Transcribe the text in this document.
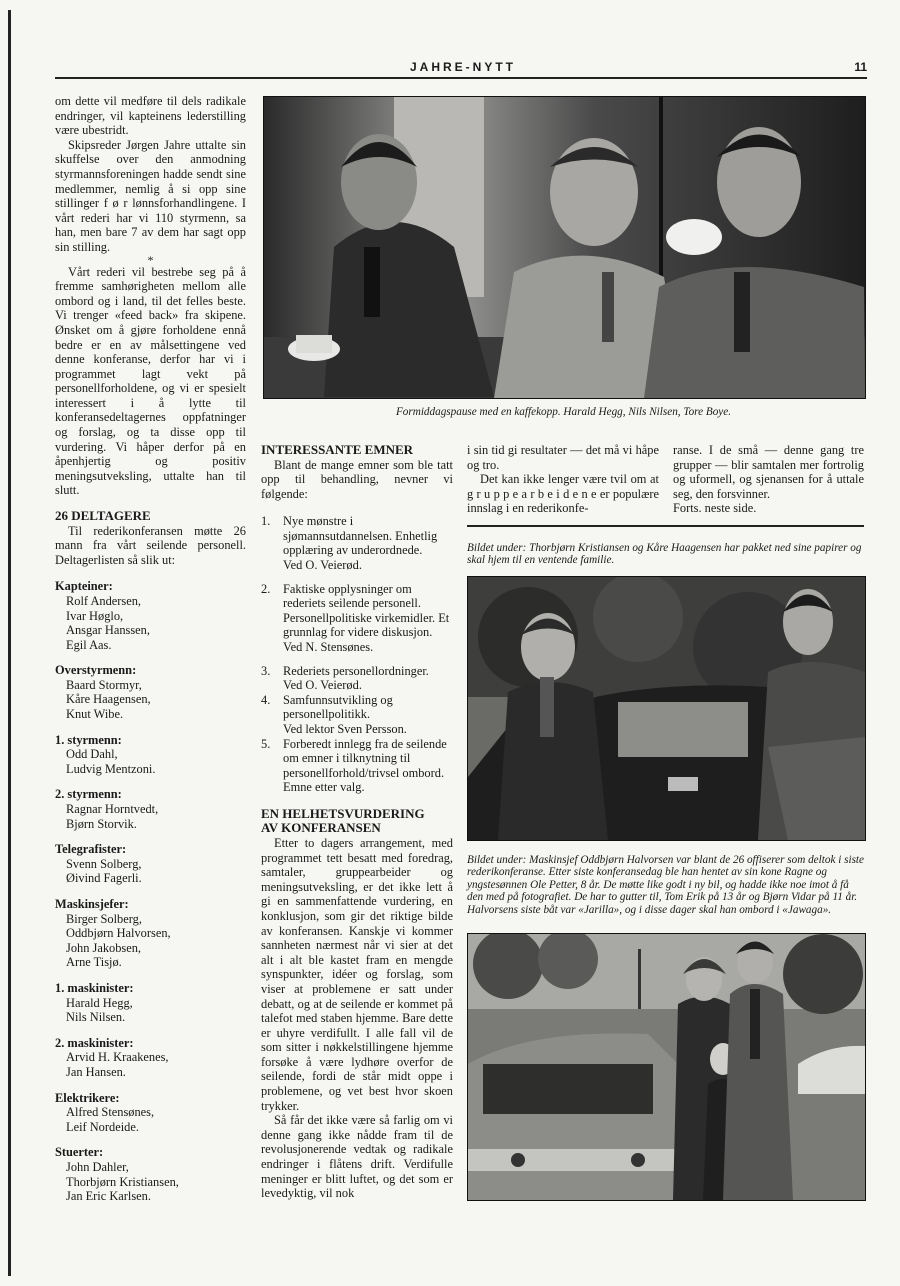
JAHRE-NYTT	11

om dette vil medføre til dels radikale endringer, vil kapteinens lederstilling være ubestridt.

Skipsreder Jørgen Jahre uttalte sin skuffelse over den anmodning styrmannsforeningen hadde sendt sine medlemmer, nemlig å si opp sine stillinger f ø r lønnsforhandlingene. I vårt rederi har vi 110 styrmenn, sa han, men bare 7 av dem har sagt opp sin stilling.

*

Vårt rederi vil bestrebe seg på å fremme samhørigheten mellom alle ombord og i land, til det felles beste. Vi trenger «feed back» fra skipene. Ønsket om å gjøre forholdene ennå bedre er en av målsettingene ved denne konferanse, derfor har vi i programmet lagt vekt på personellforholdene, og vi er spesielt interessert i å lytte til konferansedeltagernes oppfatninger og forslag, og ta disse opp til vurdering. Vi håper derfor på en åpenhjertig og positiv meningsutveksling, uttalte han til slutt.

26 DELTAGERE

Til rederikonferansen møtte 26 mann fra vårt seilende personell. Deltagerlisten så slik ut:

Kapteiner:
Rolf Andersen,
Ivar Høglo,
Ansgar Hanssen,
Egil Aas.
Overstyrmenn:
Baard Stormyr,
Kåre Haagensen,
Knut Wibe.
1. styrmenn:
Odd Dahl,
Ludvig Mentzoni.
2. styrmenn:
Ragnar Horntvedt,
Bjørn Storvik.
Telegrafister:
Svenn Solberg,
Øivind Fagerli.
Maskinsjefer:
Birger Solberg,
Oddbjørn Halvorsen,
John Jakobsen,
Arne Tisjø.
1. maskinister:
Harald Hegg,
Nils Nilsen.
2. maskinister:
Arvid H. Kraakenes,
Jan Hansen.
Elektrikere:
Alfred Stensønes,
Leif Nordeide.
Stuerter:
John Dahler,
Thorbjørn Kristiansen,
Jan Eric Karlsen.
Formiddagspause med en kaffekopp. Harald Hegg, Nils Nilsen, Tore Boye.
INTERESSANTE EMNER

Blant de mange emner som ble tatt opp til behandling, nevner vi følgende:

1. Nye mønstre i sjømannsutdannelsen. Enhetlig opplæring av underordnede.
Ved O. Veierød.
2. Faktiske opplysninger om rederiets seilende personell. Personellpolitiske virkemidler. Et grunnlag for videre diskusjon.
Ved N. Stensønes.
3. Rederiets personellordninger.
Ved O. Veierød.
4. Samfunnsutvikling og personellpolitikk.
Ved lektor Sven Persson.
5. Forberedt innlegg fra de seilende om emner i tilknytning til personellforhold/trivsel ombord. Emne etter valg.
EN HELHETSVURDERING
AV KONFERANSEN

Etter to dagers arrangement, med programmet tett besatt med foredrag, samtaler, gruppearbeider og meningsutveksling, er det ikke lett å gi en sammenfattende vurdering, en konklusjon, som gir det riktige bilde av konferansen. Kanskje vi kommer sannheten nærmest når vi sier at det alt i alt ble kastet fram en mengde synspunkter, idéer og forslag, som viser at problemene er satt under debatt, og at de seilende er kommet på talefot med staben hjemme. Bare dette er uhyre verdifullt. I alle fall vil de som sitter i nøkkelstillingene hjemme forsøke å være lydhøre overfor de seilende, fordi de står midt oppe i problemene, og vet best hvor skoen trykker.

Så får det ikke være så farlig om vi denne gang ikke nådde fram til de revolusjonerende vedtak og radikale endringer i flåtens drift. Verdifulle meninger er blitt luftet, og det som er levedyktig, vil nok

i sin tid gi resultater — det må vi håpe og tro.

Det kan ikke lenger være tvil om at g r u p p e a r b e i d e n e er populære innslag i en rederikonfe-

ranse. I de små — denne gang tre grupper — blir samtalen mer fortrolig og uformell, og sjenansen for å uttale seg, den forsvinner.

Forts. neste side.

Bildet under: Thorbjørn Kristiansen og Kåre Haagensen har pakket ned sine papirer og skal hjem til en ventende familie.
Bildet under: Maskinsjef Oddbjørn Halvorsen var blant de 26 offiserer som deltok i siste rederikonferanse. Etter siste konferansedag ble han hentet av sin kone Ragne og yngstesønnen Ole Petter, 8 år. De møtte like godt i ny bil, og hadde ikke noe imot å få den med på fotografiet. De har to gutter til, Tom Erik på 13 år og Bjørn Vidar på 11 år. Halvorsens siste båt var «Jarilla», og i disse dager skal han ombord i «Jawaga».
